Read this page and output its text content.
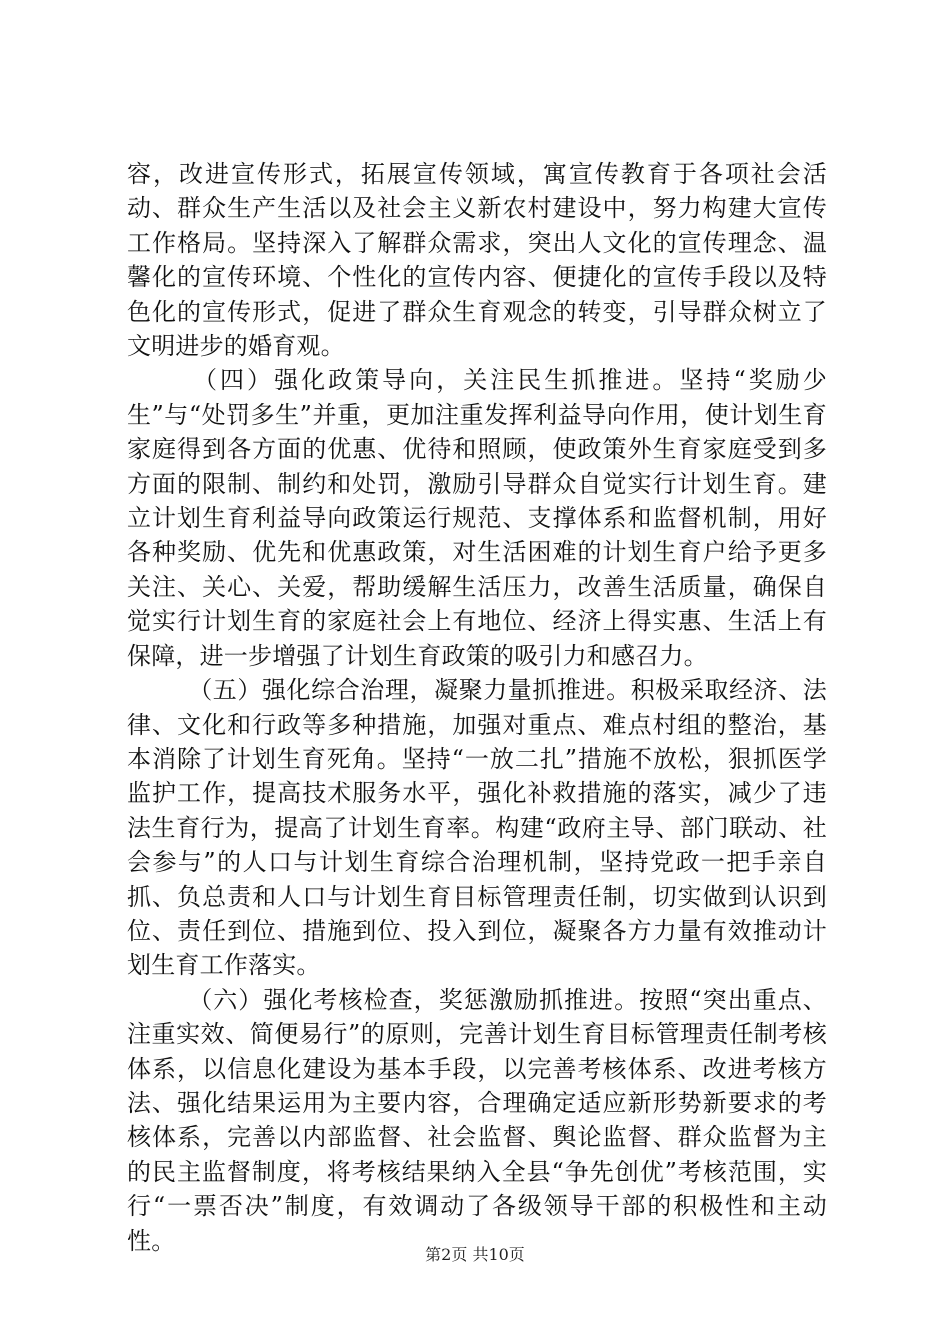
容，改进宣传形式，拓展宣传领域，寓宣传教育于各项社会活动、群众生产生活以及社会主义新农村建设中，努力构建大宣传工作格局。坚持深入了解群众需求，突出人文化的宣传理念、温馨化的宣传环境、个性化的宣传内容、便捷化的宣传手段以及特色化的宣传形式，促进了群众生育观念的转变，引导群众树立了文明进步的婚育观。

（四）强化政策导向，关注民生抓推进。坚持“奖励少生”与“处罚多生”并重，更加注重发挥利益导向作用，使计划生育家庭得到各方面的优惠、优待和照顾，使政策外生育家庭受到多方面的限制、制约和处罚，激励引导群众自觉实行计划生育。建立计划生育利益导向政策运行规范、支撑体系和监督机制，用好各种奖励、优先和优惠政策，对生活困难的计划生育户给予更多关注、关心、关爱，帮助缓解生活压力，改善生活质量，确保自觉实行计划生育的家庭社会上有地位、经济上得实惠、生活上有保障，进一步增强了计划生育政策的吸引力和感召力。

（五）强化综合治理，凝聚力量抓推进。积极采取经济、法律、文化和行政等多种措施，加强对重点、难点村组的整治，基本消除了计划生育死角。坚持“一放二扎”措施不放松，狠抓医学监护工作，提高技术服务水平，强化补救措施的落实，减少了违法生育行为，提高了计划生育率。构建“政府主导、部门联动、社会参与”的人口与计划生育综合治理机制，坚持党政一把手亲自抓、负总责和人口与计划生育目标管理责任制，切实做到认识到位、责任到位、措施到位、投入到位，凝聚各方力量有效推动计划生育工作落实。

（六）强化考核检查，奖惩激励抓推进。按照“突出重点、注重实效、简便易行”的原则，完善计划生育目标管理责任制考核体系，以信息化建设为基本手段，以完善考核体系、改进考核方法、强化结果运用为主要内容，合理确定适应新形势新要求的考核体系，完善以内部监督、社会监督、舆论监督、群众监督为主的民主监督制度，将考核结果纳入全县“争先创优”考核范围，实行“一票否决”制度，有效调动了各级领导干部的积极性和主动性。	第2页 共10页
